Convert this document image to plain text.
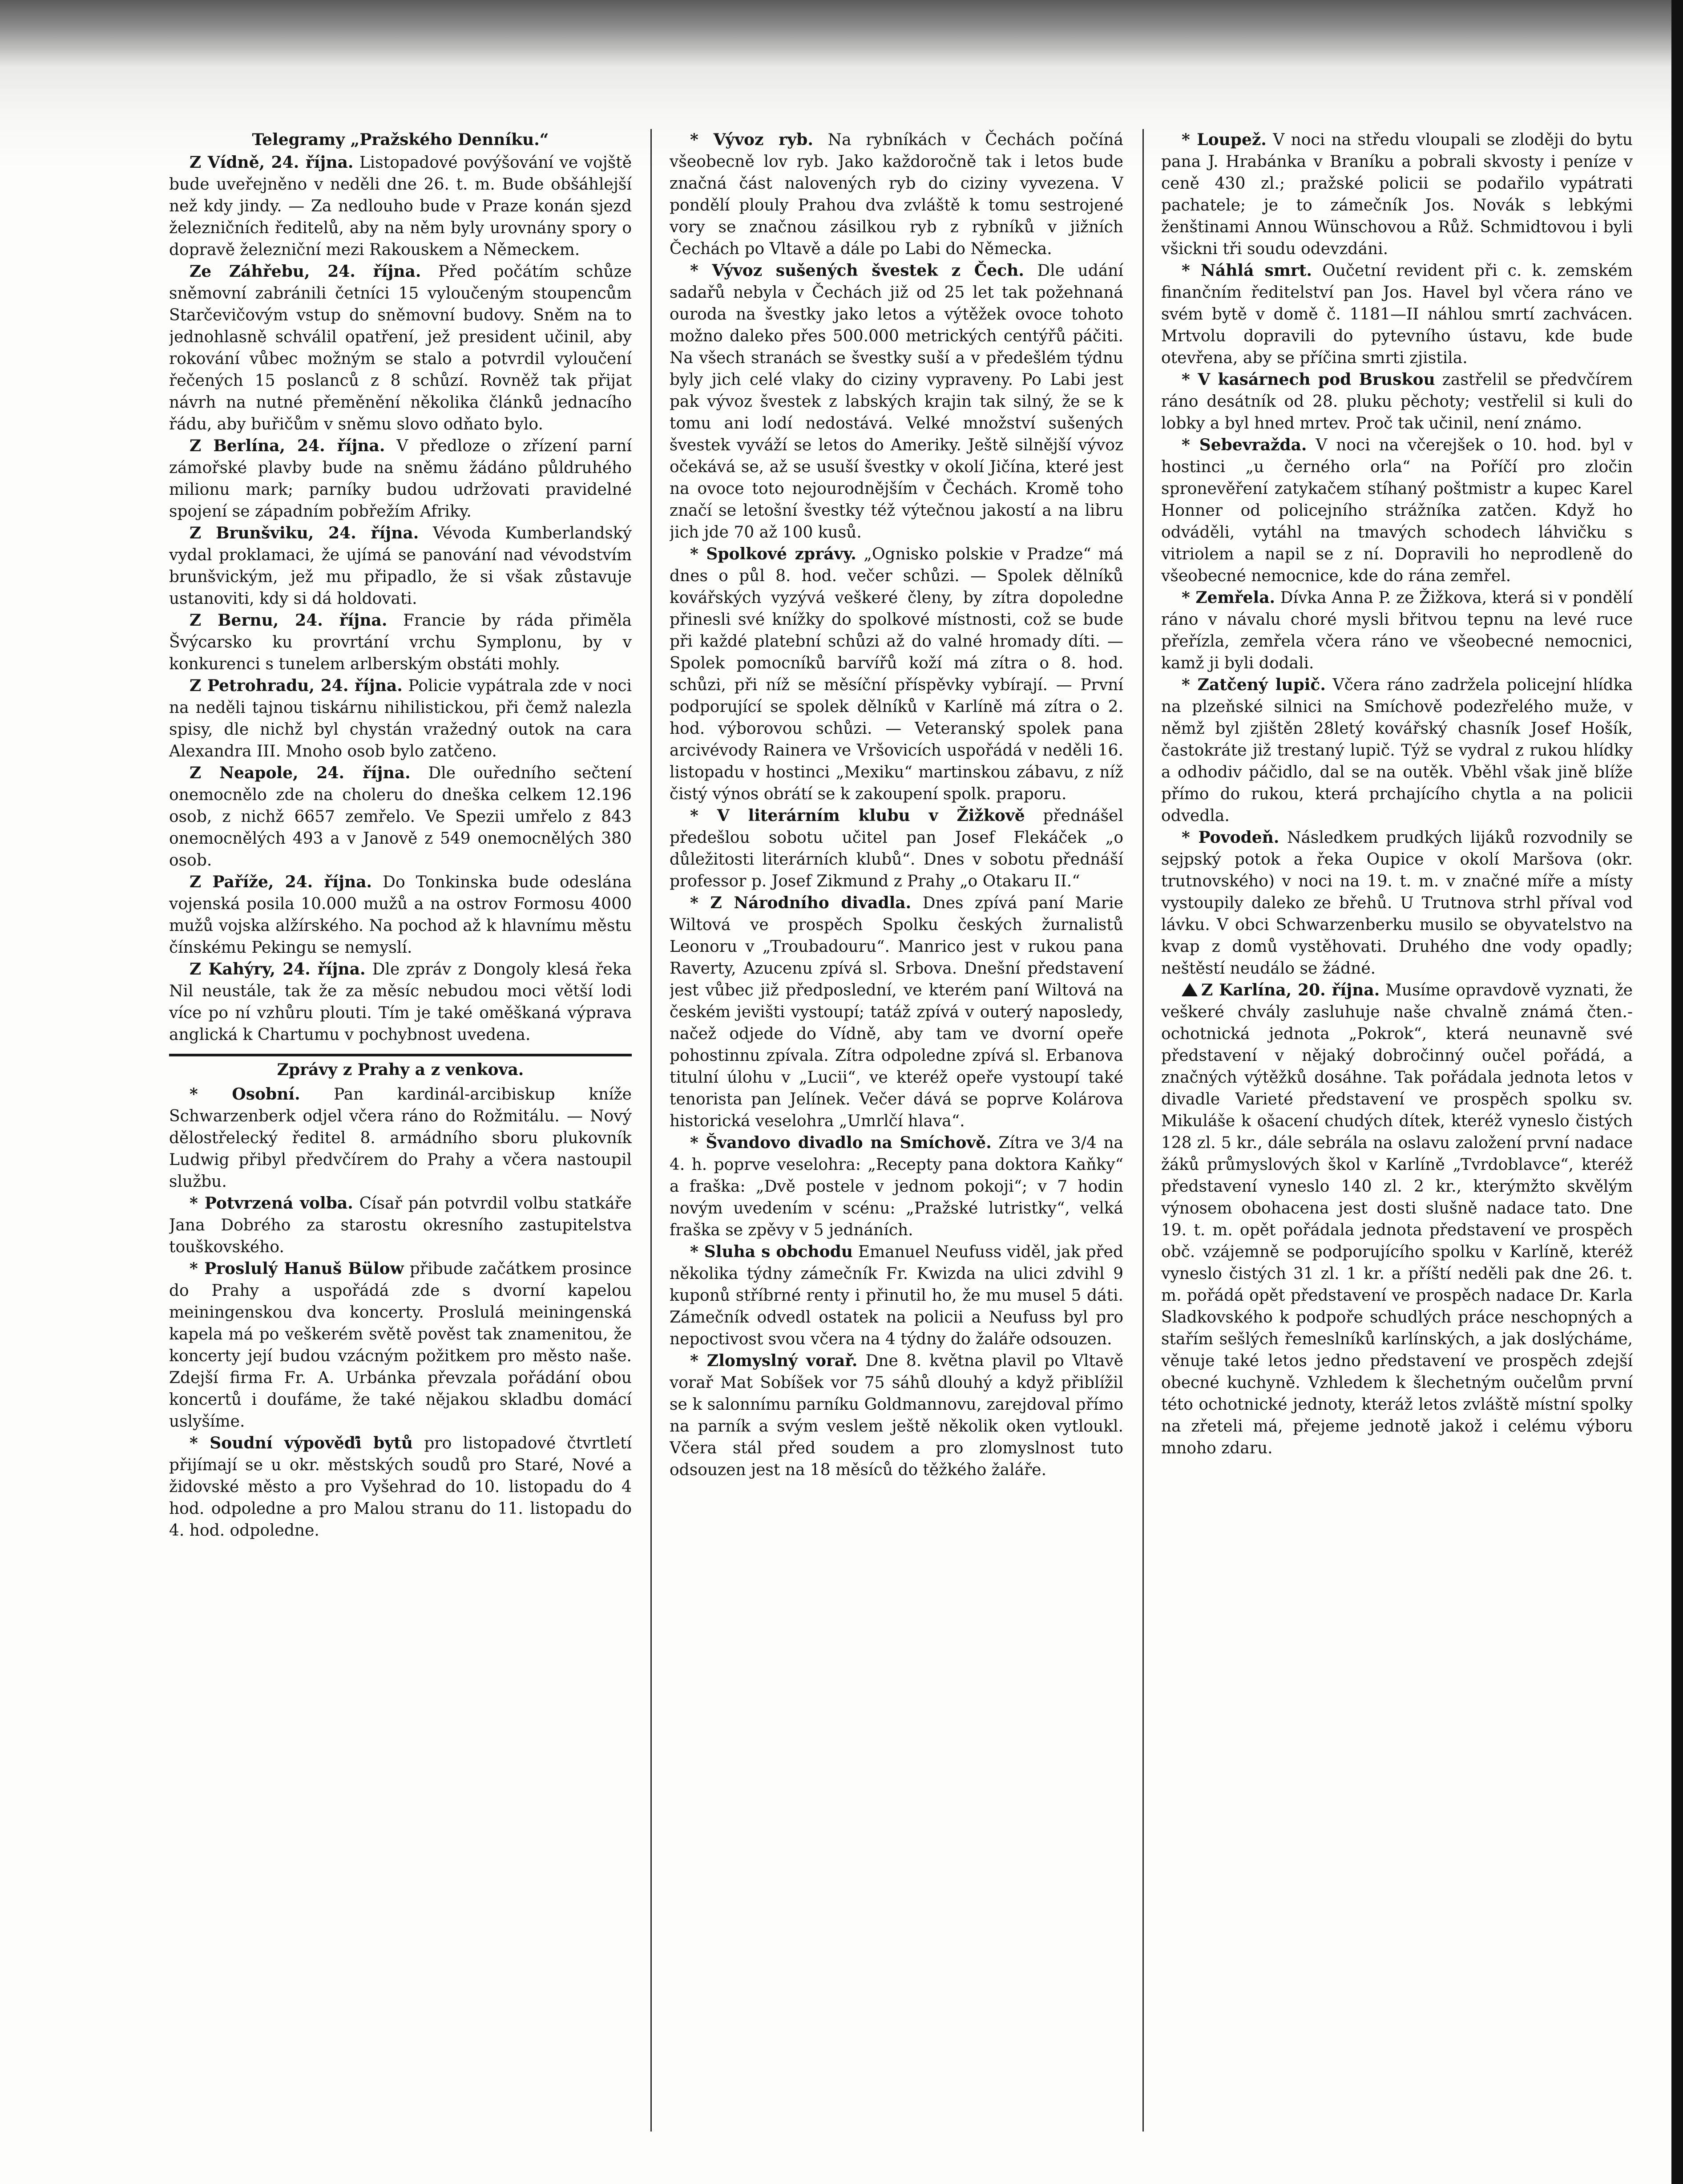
Telegramy „Pražského Denníku.“

Z Vídně, 24. října. Listopadové povýšování ve vojště bude uveřejněno v neděli dne 26. t. m. Bude obšáhlejší než kdy jindy. — Za nedlouho bude v Praze konán sjezd železničních ředitelů, aby na něm byly urovnány spory o dopravě železniční mezi Rakouskem a Německem.

Ze Záhřebu, 24. října. Před počátím schůze sněmovní zabránili četníci 15 vyloučeným stoupencům Starčevičovým vstup do sněmovní budovy. Sněm na to jednohlasně schválil opatření, jež president učinil, aby rokování vůbec možným se stalo a potvrdil vyloučení řečených 15 poslanců z 8 schůzí. Rovněž tak přijat návrh na nutné přeměnění několika článků jednacího řádu, aby buřičům v sněmu slovo odňato bylo.

Z Berlína, 24. října. V předloze o zřízení parní zámořské plavby bude na sněmu žádáno půldruhého milionu mark; parníky budou udržovati pravidelné spojení se západním pobřežím Afriky.

Z Brunšviku, 24. října. Vévoda Kumberlandský vydal proklamaci, že ujímá se panování nad vévodstvím brunšvickým, jež mu připadlo, že si však zůstavuje ustanoviti, kdy si dá holdovati.

Z Bernu, 24. října. Francie by ráda přiměla Švýcarsko ku provrtání vrchu Symplonu, by v konkurenci s tunelem arlberským obstáti mohly.

Z Petrohradu, 24. října. Policie vypátrala zde v noci na neděli tajnou tiskárnu nihilistickou, při čemž nalezla spisy, dle nichž byl chystán vražedný outok na cara Alexandra III. Mnoho osob bylo zatčeno.

Z Neapole, 24. října. Dle ouředního sečtení onemocnělo zde na choleru do dneška celkem 12.196 osob, z nichž 6657 zemřelo. Ve Spezii umřelo z 843 onemocnělých 493 a v Janově z 549 onemocnělých 380 osob.

Z Paříže, 24. října. Do Tonkinska bude odeslána vojenská posila 10.000 mužů a na ostrov Formosu 4000 mužů vojska alžírského. Na pochod až k hlavnímu městu čínskému Pekingu se nemyslí.

Z Kahýry, 24. října. Dle zpráv z Dongoly klesá řeka Nil neustále, tak že za měsíc nebudou moci větší lodi více po ní vzhůru plouti. Tím je také oměškaná výprava anglická k Chartumu v pochybnost uvedena.

Zprávy z Prahy a z venkova.

* Osobní. Pan kardinál-arcibiskup kníže Schwarzenberk odjel včera ráno do Rožmitálu. — Nový dělostřelecký ředitel 8. armádního sboru plukovník Ludwig přibyl předvčírem do Prahy a včera nastoupil službu.

* Potvrzená volba. Císař pán potvrdil volbu statkáře Jana Dobrého za starostu okresního zastupitelstva touškovského.

* Proslulý Hanuš Bülow přibude začátkem prosince do Prahy a uspořádá zde s dvorní kapelou meiningenskou dva koncerty. Proslulá meiningenská kapela má po veškerém světě pověst tak znamenitou, že koncerty její budou vzácným požitkem pro město naše. Zdejší firma Fr. A. Urbánka převzala pořádání obou koncertů i doufáme, že také nějakou skladbu domácí uslyšíme.

* Soudní výpověďi bytů pro listopadové čtvrtletí přijímají se u okr. městských soudů pro Staré, Nové a židovské město a pro Vyšehrad do 10. listopadu do 4 hod. odpoledne a pro Malou stranu do 11. listopadu do 4. hod. odpoledne.

* Vývoz ryb. Na rybníkách v Čechách počíná všeobecně lov ryb. Jako každoročně tak i letos bude značná část nalovených ryb do ciziny vyvezena. V pondělí plouly Prahou dva zvláště k tomu sestrojené vory se značnou zásilkou ryb z rybníků v jižních Čechách po Vltavě a dále po Labi do Německa.

* Vývoz sušených švestek z Čech. Dle udání sadařů nebyla v Čechách již od 25 let tak požehnaná ouroda na švestky jako letos a výtěžek ovoce tohoto možno daleko přes 500.000 metrických centýřů páčiti. Na všech stranách se švestky suší a v předešlém týdnu byly jich celé vlaky do ciziny vypraveny. Po Labi jest pak vývoz švestek z labských krajin tak silný, že se k tomu ani lodí nedostává. Velké množství sušených švestek vyváží se letos do Ameriky. Ještě silnější vývoz očekává se, až se usuší švestky v okolí Jičína, které jest na ovoce toto nejourodnějším v Čechách. Kromě toho značí se letošní švestky též výtečnou jakostí a na libru jich jde 70 až 100 kusů.

* Spolkové zprávy. „Ognisko polskie v Pradze“ má dnes o půl 8. hod. večer schůzi. — Spolek dělníků kovářských vyzývá veškeré členy, by zítra dopoledne přinesli své knížky do spolkové místnosti, což se bude při každé platební schůzi až do valné hromady díti. — Spolek pomocníků barvířů koží má zítra o 8. hod. schůzi, při níž se měsíční příspěvky vybírají. — První podporující se spolek dělníků v Karlíně má zítra o 2. hod. výborovou schůzi. — Veteranský spolek pana arcivévody Rainera ve Vršovicích uspořádá v neděli 16. listopadu v hostinci „Mexiku“ martinskou zábavu, z níž čistý výnos obrátí se k zakoupení spolk. praporu.

* V literárním klubu v Žižkově přednášel předešlou sobotu učitel pan Josef Flekáček „o důležitosti literárních klubů“. Dnes v sobotu přednáší professor p. Josef Zikmund z Prahy „o Otakaru II.“

* Z Národního divadla. Dnes zpívá paní Marie Wiltová ve prospěch Spolku českých žurnalistů Leonoru v „Troubadouru“. Manrico jest v rukou pana Raverty, Azucenu zpívá sl. Srbova. Dnešní představení jest vůbec již předposlední, ve kterém paní Wiltová na českém jevišti vystoupí; tatáž zpívá v outerý naposledy, načež odjede do Vídně, aby tam ve dvorní opeře pohostinnu zpívala. Zítra odpoledne zpívá sl. Erbanova titulní úlohu v „Lucii“, ve kteréž opeře vystoupí také tenorista pan Jelínek. Večer dává se poprve Kolárova historická veselohra „Umrlčí hlava“.

* Švandovo divadlo na Smíchově. Zítra ve 3/4 na 4. h. poprve veselohra: „Recepty pana doktora Kaňky“ a fraška: „Dvě postele v jednom pokoji“; v 7 hodin novým uvedením v scénu: „Pražské lutristky“, velká fraška se zpěvy v 5 jednáních.

* Sluha s obchodu Emanuel Neufuss viděl, jak před několika týdny zámečník Fr. Kwizda na ulici zdvihl 9 kuponů stříbrné renty i přinutil ho, že mu musel 5 dáti. Zámečník odvedl ostatek na policii a Neufuss byl pro nepoctivost svou včera na 4 týdny do žaláře odsouzen.

* Zlomyslný vorař. Dne 8. května plavil po Vltavě vorař Mat Sobíšek vor 75 sáhů dlouhý a když přiblížil se k salonnímu parníku Goldmannovu, zarejdoval přímo na parník a svým veslem ještě několik oken vytloukl. Včera stál před soudem a pro zlomyslnost tuto odsouzen jest na 18 měsíců do těžkého žaláře.

* Loupež. V noci na středu vloupali se zloději do bytu pana J. Hrabánka v Braníku a pobrali skvosty i peníze v ceně 430 zl.; pražské policii se podařilo vypátrati pachatele; je to zámečník Jos. Novák s lebkými ženštinami Annou Wünschovou a Růž. Schmidtovou i byli všickni tři soudu odevzdáni.

* Náhlá smrt. Oučetní revident při c. k. zemském finančním ředitelství pan Jos. Havel byl včera ráno ve svém bytě v domě č. 1181—II náhlou smrtí zachvácen. Mrtvolu dopravili do pytevního ústavu, kde bude otevřena, aby se příčina smrti zjistila.

* V kasárnech pod Bruskou zastřelil se předvčírem ráno desátník od 28. pluku pěchoty; vestřelil si kuli do lobky a byl hned mrtev. Proč tak učinil, není známo.

* Sebevražda. V noci na včerejšek o 10. hod. byl v hostinci „u černého orla“ na Poříčí pro zločin spronevěření zatykačem stíhaný poštmistr a kupec Karel Honner od policejního strážníka zatčen. Když ho odváděli, vytáhl na tmavých schodech láhvičku s vitriolem a napil se z ní. Dopravili ho neprodleně do všeobecné nemocnice, kde do rána zemřel.

* Zemřela. Dívka Anna P. ze Žižkova, která si v pondělí ráno v návalu choré mysli břitvou tepnu na levé ruce přeřízla, zemřela včera ráno ve všeobecné nemocnici, kamž ji byli dodali.

* Zatčený lupič. Včera ráno zadržela policejní hlídka na plzeňské silnici na Smíchově podezřelého muže, v němž byl zjištěn 28letý kovářský chasník Josef Hošík, častokráte již trestaný lupič. Týž se vydral z rukou hlídky a odhodiv páčidlo, dal se na outěk. Vběhl však jině blíže přímo do rukou, která prchajícího chytla a na policii odvedla.

* Povodeň. Následkem prudkých lijáků rozvodnily se sejpský potok a řeka Oupice v okolí Maršova (okr. trutnovského) v noci na 19. t. m. v značné míře a místy vystoupily daleko ze břehů. U Trutnova strhl příval vod lávku. V obci Schwarzenberku musilo se obyvatelstvo na kvap z domů vystěhovati. Druhého dne vody opadly; neštěstí neudálo se žádné.

Z Karlína, 20. října. Musíme opravdově vyznati, že veškeré chvály zasluhuje naše chvalně známá čten.-ochotnická jednota „Pokrok“, která neunavně své představení v nějaký dobročinný oučel pořádá, a značných výtěžků dosáhne. Tak pořádala jednota letos v divadle Varieté představení ve prospěch spolku sv. Mikuláše k ošacení chudých dítek, kteréž vyneslo čistých 128 zl. 5 kr., dále sebrála na oslavu založení první nadace žáků průmyslových škol v Karlíně „Tvrdoblavce“, kteréž představení vyneslo 140 zl. 2 kr., kterýmžto skvělým výnosem obohacena jest dosti slušně nadace tato. Dne 19. t. m. opět pořádala jednota představení ve prospěch obč. vzájemně se podporujícího spolku v Karlíně, kteréž vyneslo čistých 31 zl. 1 kr. a příští neděli pak dne 26. t. m. pořádá opět představení ve prospěch nadace Dr. Karla Sladkovského k podpoře schudlých práce neschopných a stařím sešlých řemeslníků karlínských, a jak doslýcháme, věnuje také letos jedno představení ve prospěch zdejší obecné kuchyně. Vzhledem k šlechetným oučelům první této ochotnické jednoty, kteráž letos zvláště místní spolky na zřeteli má, přejeme jednotě jakož i celému výboru mnoho zdaru.
